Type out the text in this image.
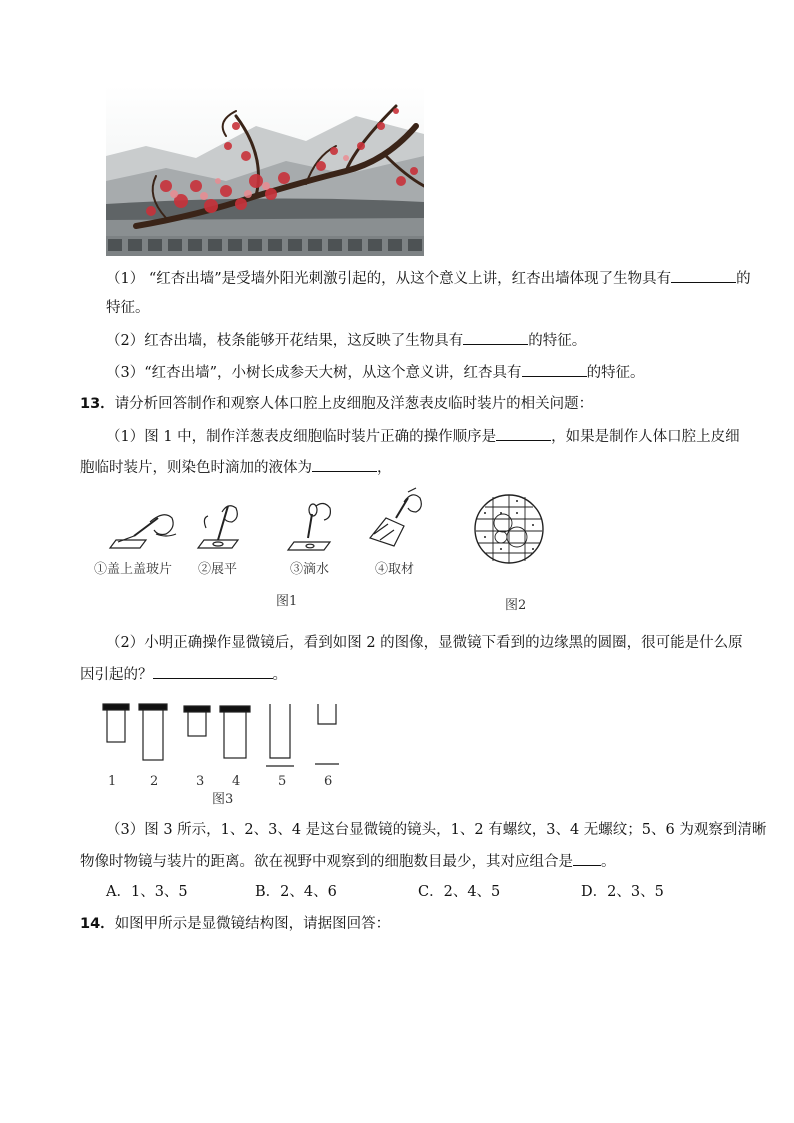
（1） “红杏出墙”是受墙外阳光刺激引起的，从这个意义上讲，红杏出墙体现了生物具有	的
特征。
（2）红杏出墙，枝条能够开花结果，这反映了生物具有	的特征。
（3）“红杏出墙”，小树长成参天大树，从这个意义讲，红杏具有	的特征。
13．请分析回答制作和观察人体口腔上皮细胞及洋葱表皮临时装片的相关问题：
（1）图 1 中，制作洋葱表皮细胞临时装片正确的操作顺序是	，如果是制作人体口腔上皮细
胞临时装片，则染色时滴加的液体为	，
①盖上盖玻片 ②展平	③滴水	④取材
图1	图2
（2）小明正确操作显微镜后，看到如图 2 的图像，显微镜下看到的边缘黑的圆圈，很可能是什么原
因引起的？	。
1	2	3 4	5	6
图3
（3）图 3 所示，1、2、3、4 是这台显微镜的镜头，1、2 有螺纹，3、4 无螺纹；5、6 为观察到清晰
物像时物镜与装片的距离。欲在视野中观察到的细胞数目最少，其对应组合是 。
A．1、3、5	B．2、4、6	C．2、4、5	D．2、3、5
14．如图甲所示是显微镜结构图，请据图回答：
